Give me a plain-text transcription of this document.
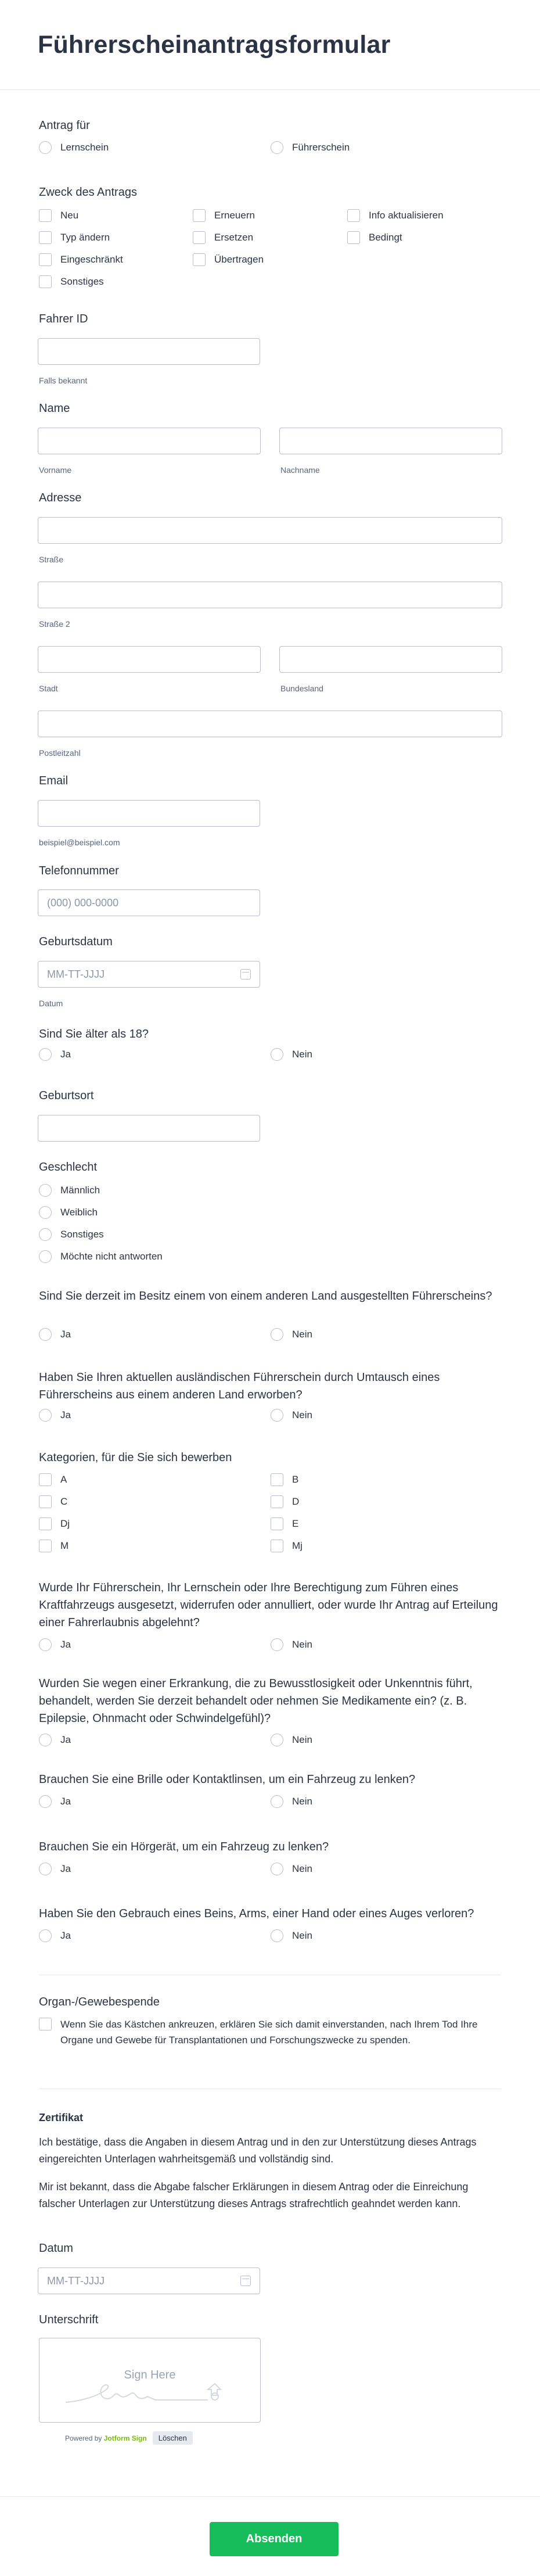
Führerscheinantragsformular
Antrag für
Lernschein	Führerschein
Zweck des Antrags
Neu	Erneuern	Info aktualisieren
Typ ändern	Ersetzen	Bedingt
Eingeschränkt	Übertragen
Sonstiges
Fahrer ID
Falls bekannt
Name
Vorname	Nachname
Adresse
Straße
Straße 2
Stadt	Bundesland
Postleitzahl
Email
beispiel@beispiel.com
Telefonnummer
(000) 000-0000
Geburtsdatum
MM-TT-JJJJ
Datum
Sind Sie älter als 18?
Ja	Nein
Geburtsort
Geschlecht
Männlich
Weiblich
Sonstiges
Möchte nicht antworten
Sind Sie derzeit im Besitz einem von einem anderen Land ausgestellten Führerscheins?
Ja	Nein
Haben Sie Ihren aktuellen ausländischen Führerschein durch Umtausch eines Führerscheins aus einem anderen Land erworben?
Ja	Nein
Kategorien, für die Sie sich bewerben
A	B
C	D
Dj	E
M	Mj
Wurde Ihr Führerschein, Ihr Lernschein oder Ihre Berechtigung zum Führen eines Kraftfahrzeugs ausgesetzt, widerrufen oder annulliert, oder wurde Ihr Antrag auf Erteilung einer Fahrerlaubnis abgelehnt?
Ja	Nein
Wurden Sie wegen einer Erkrankung, die zu Bewusstlosigkeit oder Unkenntnis führt, behandelt, werden Sie derzeit behandelt oder nehmen Sie Medikamente ein? (z. B. Epilepsie, Ohnmacht oder Schwindelgefühl)?
Ja	Nein
Brauchen Sie eine Brille oder Kontaktlinsen, um ein Fahrzeug zu lenken?
Ja	Nein
Brauchen Sie ein Hörgerät, um ein Fahrzeug zu lenken?
Ja	Nein
Haben Sie den Gebrauch eines Beins, Arms, einer Hand oder eines Auges verloren?
Ja	Nein
Organ-/Gewebespende
Wenn Sie das Kästchen ankreuzen, erklären Sie sich damit einverstanden, nach Ihrem Tod Ihre Organe und Gewebe für Transplantationen und Forschungszwecke zu spenden.
Zertifikat
Ich bestätige, dass die Angaben in diesem Antrag und in den zur Unterstützung dieses Antrags eingereichten Unterlagen wahrheitsgemäß und vollständig sind.
Mir ist bekannt, dass die Abgabe falscher Erklärungen in diesem Antrag oder die Einreichung falscher Unterlagen zur Unterstützung dieses Antrags strafrechtlich geahndet werden kann.
Datum
MM-TT-JJJJ
Unterschrift
Sign Here
Powered by Jotform Sign	Löschen
Absenden
